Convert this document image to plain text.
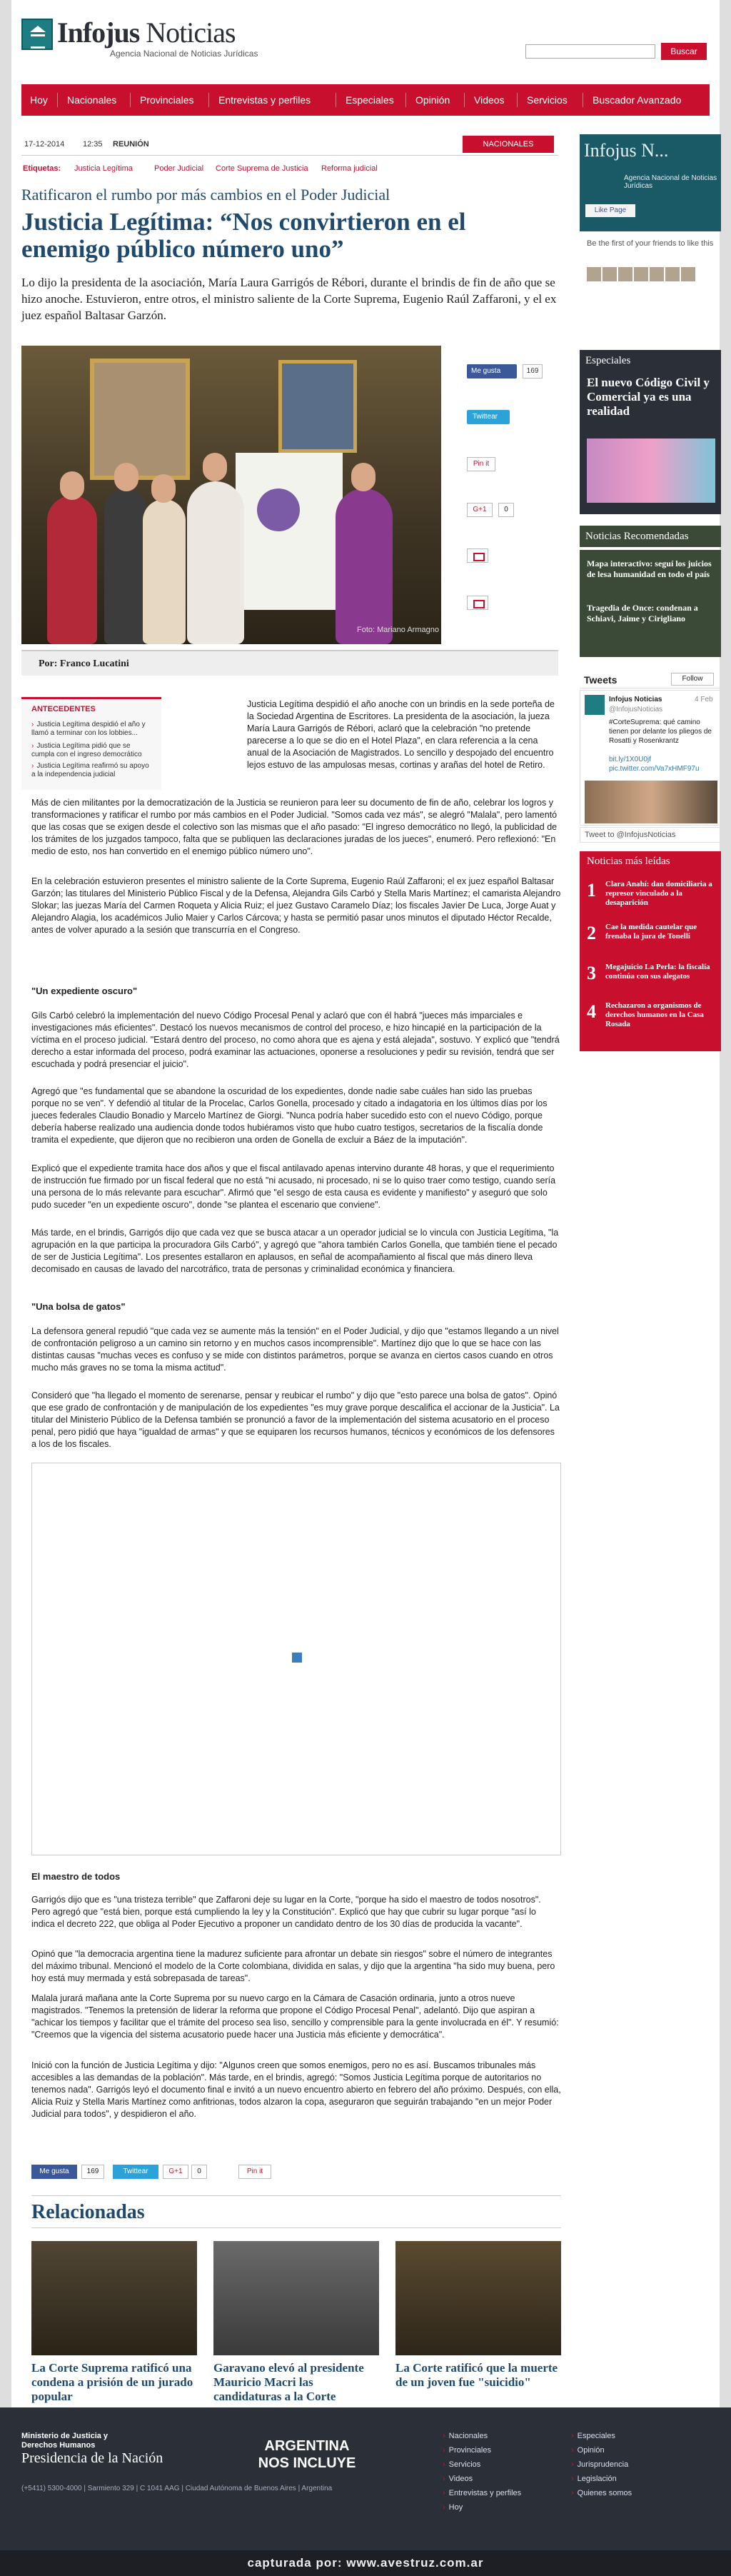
Infojus Noticias
Agencia Nacional de Noticias Jurídicas	Buscar
Hoy Nacionales Provinciales Entrevistas y perfiles	Especiales Opinión Videos Servicios	Buscador Avanzado
17-12-2014 12:35 REUNIÓN	NACIONALES
Etiquetas: Justicia Legítima	Poder Judicial Corte Suprema de Justicia Reforma judicial
Ratificaron el rumbo por más cambios en el Poder Judicial
Justicia Legítima: “Nos convirtieron en el enemigo público número uno”
Lo dijo la presidenta de la asociación, María Laura Garrigós de Rébori, durante el brindis de fin de año que se hizo anoche. Estuvieron, entre otros, el ministro saliente de la Corte Suprema, Eugenio Raúl Zaffaroni, y el ex juez español Baltasar Garzón.
Foto: Mariano Armagno
Me gusta	169
Twittear
Pin it
G+1	0
Por: Franco Lucatini
ANTECEDENTES
› Justicia Legítima despidió el año y llamó a terminar con los lobbies...
› Justicia Legítima pidió que se cumpla con el ingreso democrático
› Justicia Legítima reafirmó su apoyo a la independencia judicial
Justicia Legítima despidió el año anoche con un brindis en la sede porteña de la Sociedad Argentina de Escritores. La presidenta de la asociación, la jueza María Laura Garrigós de Rébori, aclaró que la celebración "no pretende parecerse a lo que se dio en el Hotel Plaza", en clara referencia a la cena anual de la Asociación de Magistrados. Lo sencillo y despojado del encuentro lejos estuvo de las ampulosas mesas, cortinas y arañas del hotel de Retiro.
Más de cien militantes por la democratización de la Justicia se reunieron para leer su documento de fin de año, celebrar los logros y transformaciones y ratificar el rumbo por más cambios en el Poder Judicial. "Somos cada vez más", se alegró "Malala", pero lamentó que las cosas que se exigen desde el colectivo son las mismas que el año pasado: "El ingreso democrático no llegó, la publicidad de los trámites de los juzgados tampoco, falta que se publiquen las declaraciones juradas de los jueces", enumeró. Pero reflexionó: "En medio de esto, nos han convertido en el enemigo público número uno".
En la celebración estuvieron presentes el ministro saliente de la Corte Suprema, Eugenio Raúl Zaffaroni; el ex juez español Baltasar Garzón; las titulares del Ministerio Público Fiscal y de la Defensa, Alejandra Gils Carbó y Stella Maris Martínez; el camarista Alejandro Slokar; las juezas María del Carmen Roqueta y Alicia Ruiz; el juez Gustavo Caramelo Díaz; los fiscales Javier De Luca, Jorge Auat y Alejandro Alagia, los académicos Julio Maier y Carlos Cárcova; y hasta se permitió pasar unos minutos el diputado Héctor Recalde, antes de volver apurado a la sesión que transcurría en el Congreso.
"Un expediente oscuro"
Gils Carbó celebró la implementación del nuevo Código Procesal Penal y aclaró que con él habrá "jueces más imparciales e investigaciones más eficientes". Destacó los nuevos mecanismos de control del proceso, e hizo hincapié en la participación de la víctima en el proceso judicial. "Estará dentro del proceso, no como ahora que es ajena y está alejada", sostuvo. Y explicó que "tendrá derecho a estar informada del proceso, podrá examinar las actuaciones, oponerse a resoluciones y pedir su revisión, tendrá que ser escuchada y podrá presenciar el juicio".
Agregó que "es fundamental que se abandone la oscuridad de los expedientes, donde nadie sabe cuáles han sido las pruebas porque no se ven". Y defendió al titular de la Procelac, Carlos Gonella, procesado y citado a indagatoria en los últimos días por los jueces federales Claudio Bonadio y Marcelo Martínez de Giorgi. "Nunca podría haber sucedido esto con el nuevo Código, porque debería haberse realizado una audiencia donde todos hubiéramos visto que hubo cuatro testigos, secretarios de la fiscalía donde tramita el expediente, que dijeron que no recibieron una orden de Gonella de excluir a Báez de la imputación".
Explicó que el expediente tramita hace dos años y que el fiscal antilavado apenas intervino durante 48 horas, y que el requerimiento de instrucción fue firmado por un fiscal federal que no está "ni acusado, ni procesado, ni se lo quiso traer como testigo, cuando sería una persona de lo más relevante para escuchar". Afirmó que "el sesgo de esta causa es evidente y manifiesto" y aseguró que solo pudo suceder "en un expediente oscuro", donde "se plantea el escenario que conviene".
Más tarde, en el brindis, Garrigós dijo que cada vez que se busca atacar a un operador judicial se lo vincula con Justicia Legítima, "la agrupación en la que participa la procuradora Gils Carbó", y agregó que "ahora también Carlos Gonella, que también tiene el pecado de ser de Justicia Legítima". Los presentes estallaron en aplausos, en señal de acompañamiento al fiscal que más dinero lleva decomisado en causas de lavado del narcotráfico, trata de personas y criminalidad económica y financiera.
"Una bolsa de gatos"
La defensora general repudió "que cada vez se aumente más la tensión" en el Poder Judicial, y dijo que "estamos llegando a un nivel de confrontación peligroso a un camino sin retorno y en muchos casos incomprensible". Martínez dijo que lo que se hace con las distintas causas "muchas veces es confuso y se mide con distintos parámetros, porque se avanza en ciertos casos cuando en otros mucho más graves no se toma la misma actitud".
Consideró que "ha llegado el momento de serenarse, pensar y reubicar el rumbo" y dijo que "esto parece una bolsa de gatos". Opinó que ese grado de confrontación y de manipulación de los expedientes "es muy grave porque descalifica el accionar de la Justicia". La titular del Ministerio Público de la Defensa también se pronunció a favor de la implementación del sistema acusatorio en el proceso penal, pero pidió que haya "igualdad de armas" y que se equiparen los recursos humanos, técnicos y económicos de los defensores a los de los fiscales.
El maestro de todos
Garrigós dijo que es "una tristeza terrible" que Zaffaroni deje su lugar en la Corte, "porque ha sido el maestro de todos nosotros". Pero agregó que "está bien, porque está cumpliendo la ley y la Constitución". Explicó que hay que cubrir su lugar porque "así lo indica el decreto 222, que obliga al Poder Ejecutivo a proponer un candidato dentro de los 30 días de producida la vacante".
Opinó que "la democracia argentina tiene la madurez suficiente para afrontar un debate sin riesgos" sobre el número de integrantes del máximo tribunal. Mencionó el modelo de la Corte colombiana, dividida en salas, y dijo que la argentina "ha sido muy buena, pero hoy está muy mermada y está sobrepasada de tareas".
Malala jurará mañana ante la Corte Suprema por su nuevo cargo en la Cámara de Casación ordinaria, junto a otros nueve magistrados. "Tenemos la pretensión de liderar la reforma que propone el Código Procesal Penal", adelantó. Dijo que aspiran a "achicar los tiempos y facilitar que el trámite del proceso sea liso, sencillo y comprensible para la gente involucrada en él". Y resumió: "Creemos que la vigencia del sistema acusatorio puede hacer una Justicia más eficiente y democrática".
Inició con la función de Justicia Legítima y dijo: "Algunos creen que somos enemigos, pero no es así. Buscamos tribunales más accesibles a las demandas de la población". Más tarde, en el brindis, agregó: "Somos Justicia Legítima porque de autoritarios no tenemos nada". Garrigós leyó el documento final e invitó a un nuevo encuentro abierto en febrero del año próximo. Después, con ella, Alicia Ruiz y Stella Maris Martínez como anfitrionas, todos alzaron la copa, aseguraron que seguirán trabajando "en un mejor Poder Judicial para todos", y despidieron el año.
Me gusta	169	Twittear	G+1	0	Pin it
Relacionadas
La Corte Suprema ratificó una condena a prisión de un jurado popular
Garavano elevó al presidente Mauricio Macri las candidaturas a la Corte
La Corte ratificó que la muerte de un joven fue "suicidio"
Infojus N...
Agencia Nacional de Noticias Jurídicas
Like Page
Be the first of your friends to like this
Especiales
El nuevo Código Civil y Comercial ya es una realidad
Noticias Recomendadas
Mapa interactivo: seguí los juicios de lesa humanidad en todo el país
Tragedia de Once: condenan a Schiavi, Jaime y Cirigliano
Tweets	Follow
Infojus Noticias	4 Feb
@InfojusNoticias
#CorteSuprema: qué camino tienen por delante los pliegos de Rosatti y Rosenkrantz
bit.ly/1X0U0jf pic.twitter.com/Va7xHMF97u
Tweet to @InfojusNoticias
Noticias más leídas
1 Clara Anahí: dan domiciliaria a represor vinculado a la desaparición
2 Cae la medida cautelar que frenaba la jura de Tonelli
3 Megajuicio La Perla: la fiscalía continúa con sus alegatos
4 Rechazaron a organismos de derechos humanos en la Casa Rosada
Ministerio de Justicia y Derechos Humanos
Presidencia de la Nación
(+5411) 5300-4000 | Sarmiento 329 | C 1041 AAG | Ciudad Autónoma de Buenos Aires | Argentina
ARGENTINA NOS INCLUYE
› Nacionales
› Provinciales
› Servicios
› Videos
› Entrevistas y perfiles
› Hoy
› Especiales
› Opinión
› Jurisprudencia
› Legislación
› Quienes somos
capturada por: www.avestruz.com.ar
